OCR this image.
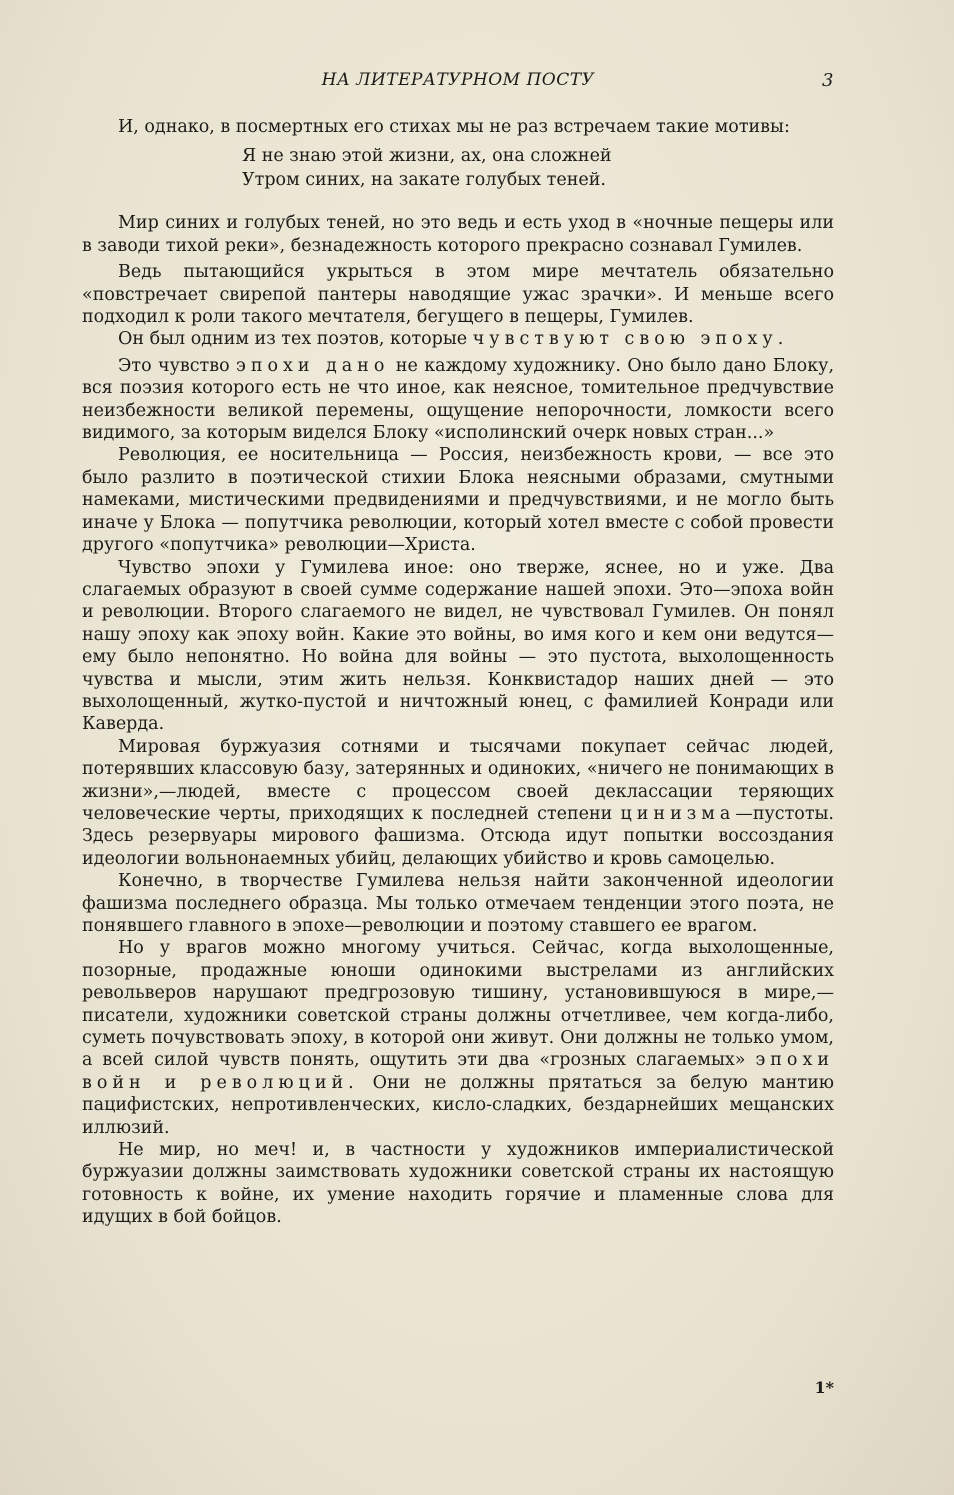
НА ЛИТЕРАТУРНОМ ПОСТУ	3

И, однако, в посмертных его стихах мы не раз встречаем такие мотивы:

Я не знаю этой жизни, ах, она сложней
Утром синих, на закате голубых теней.

Мир синих и голубых теней, но это ведь и есть уход в «ночные пещеры или в заводи тихой реки», безнадежность которого прекрасно сознавал Гумилев.

Ведь пытающийся укрыться в этом мире мечтатель обязательно «повстречает свирепой пантеры наводящие ужас зрачки». И меньше всего подходил к роли такого мечтателя, бегущего в пещеры, Гумилев.

Он был одним из тех поэтов, которые чувствуют свою эпоху.

Это чувство эпохи дано не каждому художнику. Оно было дано Блоку, вся поэзия которого есть не что иное, как неясное, томительное предчувствие неизбежности великой перемены, ощущение непорочности, ломкости всего видимого, за которым виделся Блоку «исполинский очерк новых стран...»

Революция, ее носительница — Россия, неизбежность крови, — все это было разлито в поэтической стихии Блока неясными образами, смутными намеками, мистическими предвидениями и предчувствиями, и не могло быть иначе у Блока — попутчика революции, который хотел вместе с собой провести другого «попутчика» революции—Христа.

Чувство эпохи у Гумилева иное: оно тверже, яснее, но и уже. Два слагаемых образуют в своей сумме содержание нашей эпохи. Это—эпоха войн и революции. Второго слагаемого не видел, не чувствовал Гумилев. Он понял нашу эпоху как эпоху войн. Какие это войны, во имя кого и кем они ведутся—ему было непонятно. Но война для войны — это пустота, выхолощенность чувства и мысли, этим жить нельзя. Конквистадор наших дней — это выхолощенный, жутко-пустой и ничтожный юнец, с фамилией Конради или Каверда.

Мировая буржуазия сотнями и тысячами покупает сейчас людей, потерявших классовую базу, затерянных и одиноких, «ничего не понимающих в жизни»,—людей, вместе с процессом своей деклассации теряющих человеческие черты, приходящих к последней степени цинизма—пустоты. Здесь резервуары мирового фашизма. Отсюда идут попытки воссоздания идеологии вольнонаемных убийц, делающих убийство и кровь самоцелью.

Конечно, в творчестве Гумилева нельзя найти законченной идеологии фашизма последнего образца. Мы только отмечаем тенденции этого поэта, не понявшего главного в эпохе—революции и поэтому ставшего ее врагом.

Но у врагов можно многому учиться. Сейчас, когда выхолощенные, позорные, продажные юноши одинокими выстрелами из английских револьверов нарушают предгрозовую тишину, установившуюся в мире,—писатели, художники советской страны должны отчетливее, чем когда-либо, суметь почувствовать эпоху, в которой они живут. Они должны не только умом, а всей силой чувств понять, ощутить эти два «грозных слагаемых» эпохи войн и революций. Они не должны прятаться за белую мантию пацифистских, непротивленческих, кисло-сладких, бездарнейших мещанских иллюзий.

Не мир, но меч! и, в частности у художников империалистической буржуазии должны заимствовать художники советской страны их настоящую готовность к войне, их умение находить горячие и пламенные слова для идущих в бой бойцов.

1*
